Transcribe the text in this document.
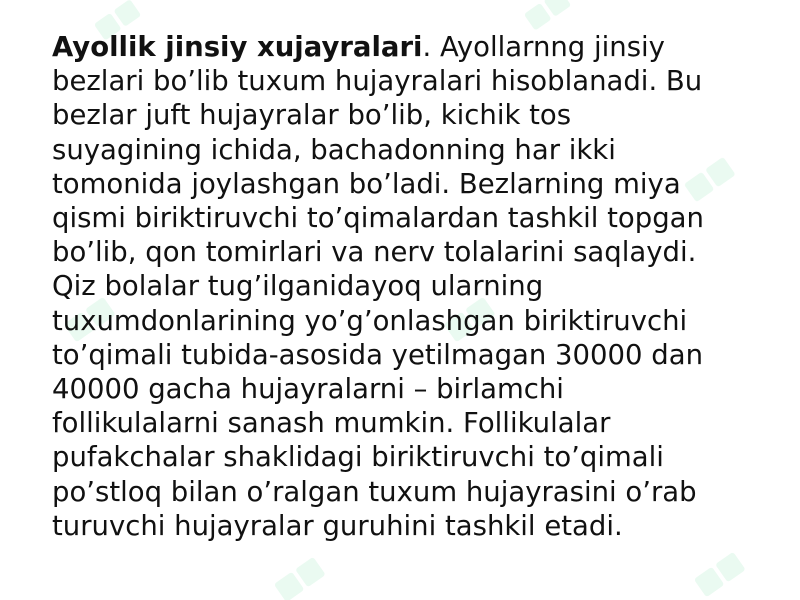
Ayollik jinsiy xujayralari. Ayollarnng jinsiy
bezlari bo’lib tuxum hujayralari hisoblanadi. Bu
bezlar juft hujayralar bo’lib, kichik tos
suyagining ichida, bachadonning har ikki
tomonida joylashgan bo’ladi. Bezlarning miya
qismi biriktiruvchi to’qimalardan tashkil topgan
bo’lib, qon tomirlari va nerv tolalarini saqlaydi.
Qiz bolalar tug’ilganidayoq ularning
tuxumdonlarining yo’g’onlashgan biriktiruvchi
to’qimali tubida-asosida yetilmagan 30000 dan
40000 gacha hujayralarni – birlamchi
follikulalarni sanash mumkin. Follikulalar
pufakchalar shaklidagi biriktiruvchi to’qimali
po’stloq bilan o’ralgan tuxum hujayrasini o’rab
turuvchi hujayralar guruhini tashkil etadi.
